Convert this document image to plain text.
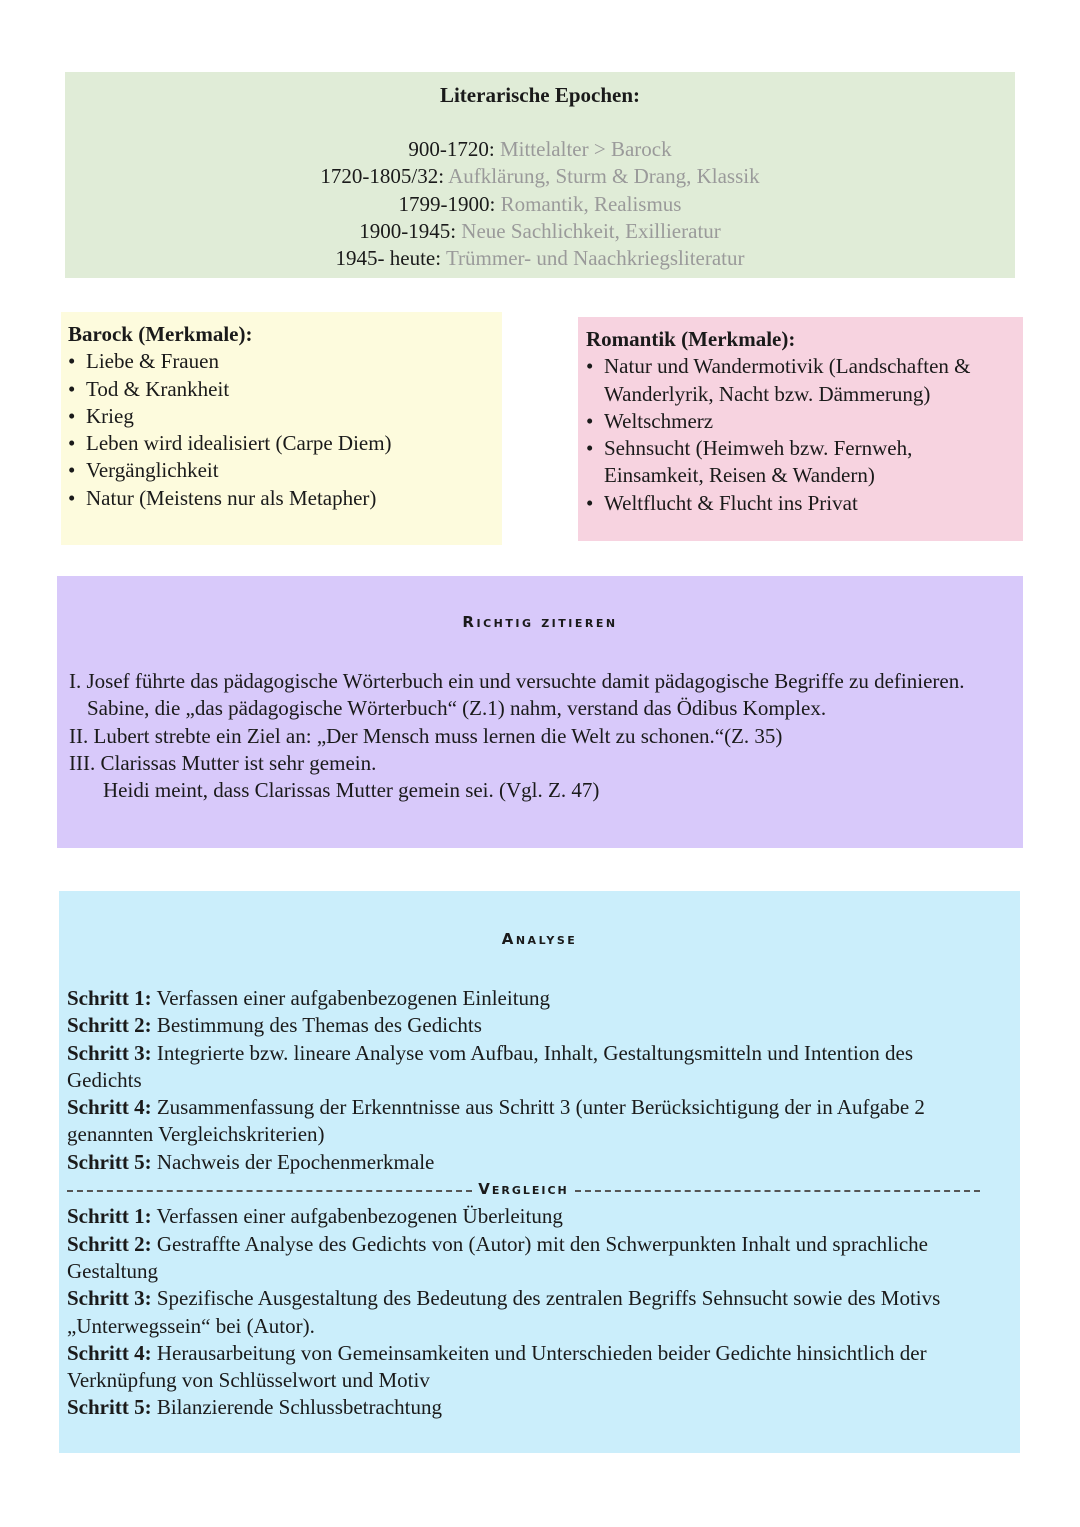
Literarische Epochen:
900-1720: Mittelalter > Barock
1720-1805/32: Aufklärung, Sturm & Drang, Klassik
1799-1900: Romantik, Realismus
1900-1945: Neue Sachlichkeit, Exillieratur
1945- heute: Trümmer- und Naachkriegsliteratur
Barock (Merkmale):
• Liebe & Frauen
• Tod & Krankheit
• Krieg
• Leben wird idealisiert (Carpe Diem)
• Vergänglichkeit
• Natur (Meistens nur als Metapher)
Romantik (Merkmale):
• Natur und Wandermotivik (Landschaften &
Wanderlyrik, Nacht bzw. Dämmerung)
• Weltschmerz
• Sehnsucht (Heimweh bzw. Fernweh,
Einsamkeit, Reisen & Wandern)
• Weltflucht & Flucht ins Privat
Richtig zitieren
I. Josef führte das pädagogische Wörterbuch ein und versuchte damit pädagogische Begriffe zu definieren.
Sabine, die „das pädagogische Wörterbuch“ (Z.1) nahm, verstand das Ödibus Komplex.
II. Lubert strebte ein Ziel an: „Der Mensch muss lernen die Welt zu schonen.“(Z. 35)
III. Clarissas Mutter ist sehr gemein.
Heidi meint, dass Clarissas Mutter gemein sei. (Vgl. Z. 47)
Analyse
Schritt 1: Verfassen einer aufgabenbezogenen Einleitung
Schritt 2: Bestimmung des Themas des Gedichts
Schritt 3: Integrierte bzw. lineare Analyse vom Aufbau, Inhalt, Gestaltungsmitteln und Intention des Gedichts
Schritt 4: Zusammenfassung der Erkenntnisse aus Schritt 3 (unter Berücksichtigung der in Aufgabe 2 genannten Vergleichskriterien)
Schritt 5: Nachweis der Epochenmerkmale
Vergleich
Schritt 1: Verfassen einer aufgabenbezogenen Überleitung
Schritt 2: Gestraffte Analyse des Gedichts von (Autor) mit den Schwerpunkten Inhalt und sprachliche Gestaltung
Schritt 3: Spezifische Ausgestaltung des Bedeutung des zentralen Begriffs Sehnsucht sowie des Motivs „Unterwegssein“ bei (Autor).
Schritt 4: Herausarbeitung von Gemeinsamkeiten und Unterschieden beider Gedichte hinsichtlich der Verknüpfung von Schlüsselwort und Motiv
Schritt 5: Bilanzierende Schlussbetrachtung
